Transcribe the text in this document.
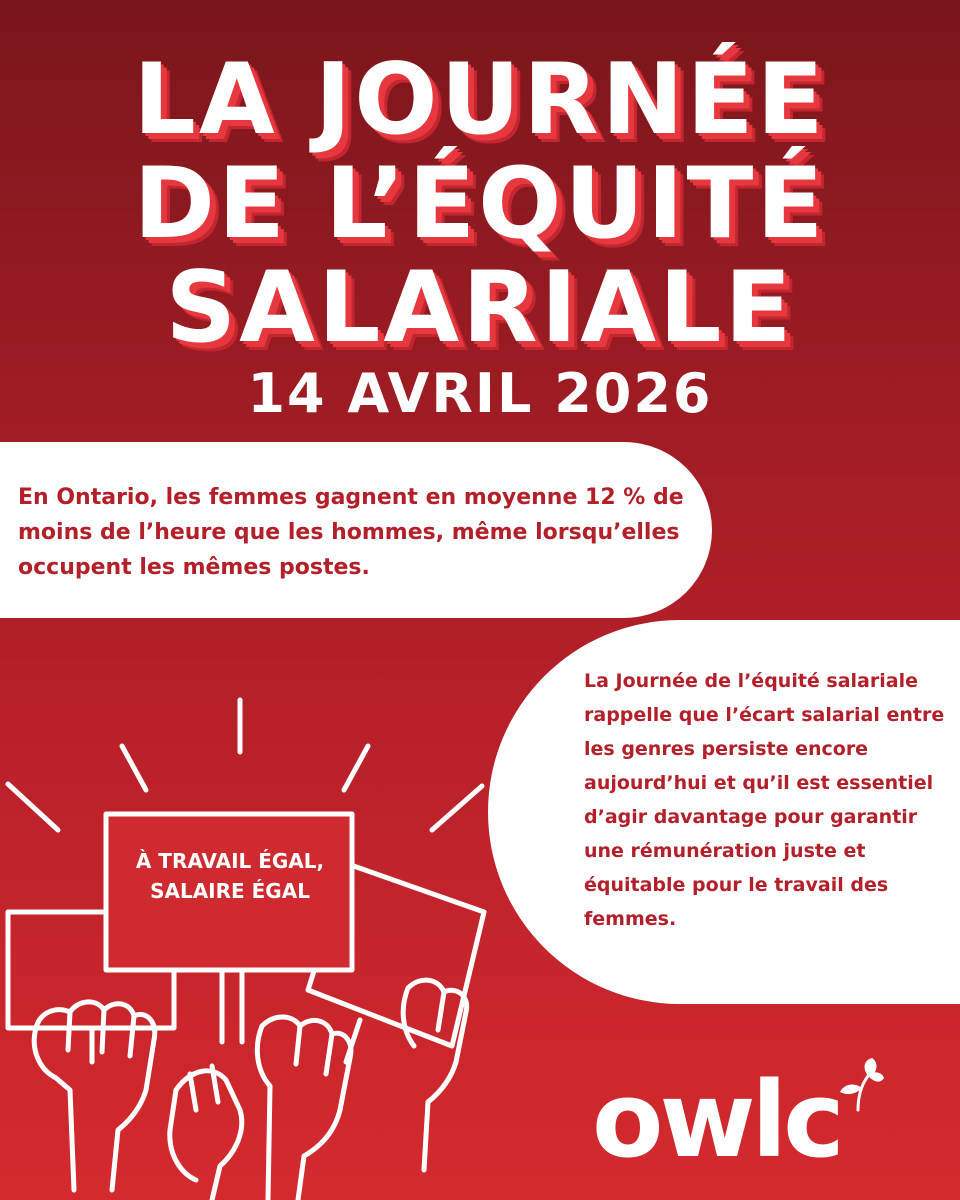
LA JOURNÉE
DE L’ÉQUITÉ
SALARIALE
14 AVRIL 2026

En Ontario, les femmes gagnent en moyenne 12 % de moins de l’heure que les hommes, même lorsqu’elles occupent les mêmes postes.

La Journée de l’équité salariale rappelle que l’écart salarial entre les genres persiste encore aujourd’hui et qu’il est essentiel d’agir davantage pour garantir une rémunération juste et équitable pour le travail des femmes.

À TRAVAIL ÉGAL,
SALAIRE ÉGAL
owlc
